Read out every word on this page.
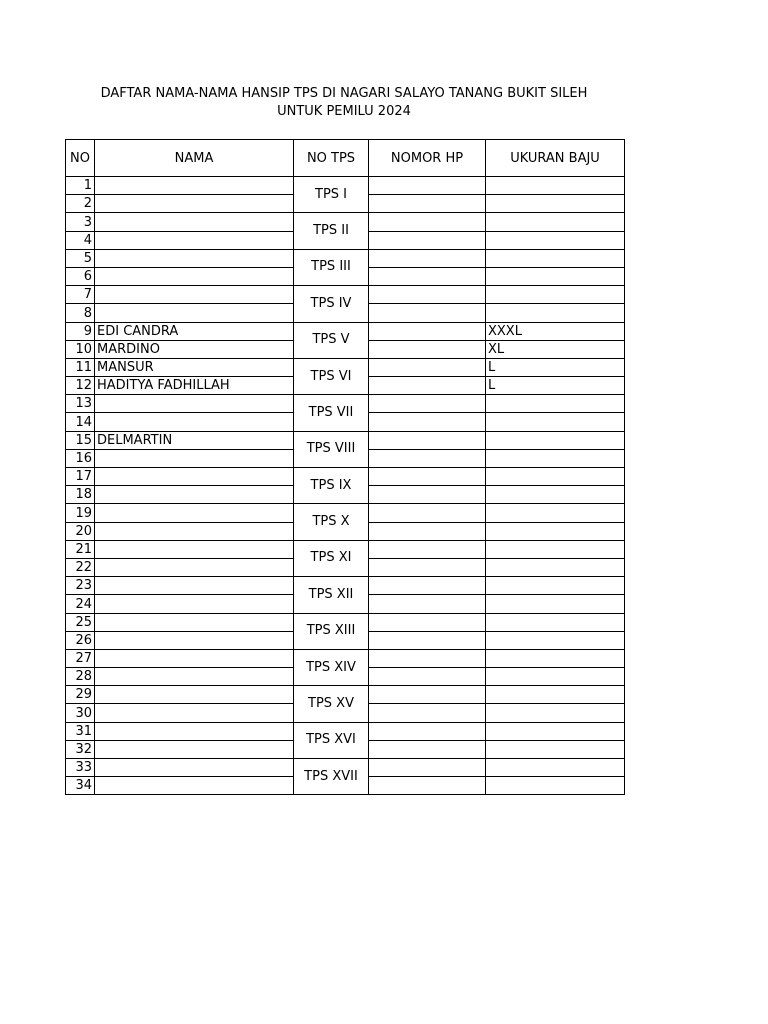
DAFTAR NAMA-NAMA HANSIP TPS DI NAGARI SALAYO TANANG BUKIT SILEH
UNTUK PEMILU 2024
NO	NAMA	NO TPS	NOMOR HP	UKURAN BAJU
1		TPS I		
2				
3		TPS II		
4				
5		TPS III		
6				
7		TPS IV		
8				
9	EDI CANDRA	TPS V		XXXL
10	MARDINO			XL
11	MANSUR	TPS VI		L
12	HADITYA FADHILLAH			L
13		TPS VII		
14				
15	DELMARTIN	TPS VIII		
16				
17		TPS IX		
18				
19		TPS X		
20				
21		TPS XI		
22				
23		TPS XII		
24				
25		TPS XIII		
26				
27		TPS XIV		
28				
29		TPS XV		
30				
31		TPS XVI		
32				
33		TPS XVII		
34				
